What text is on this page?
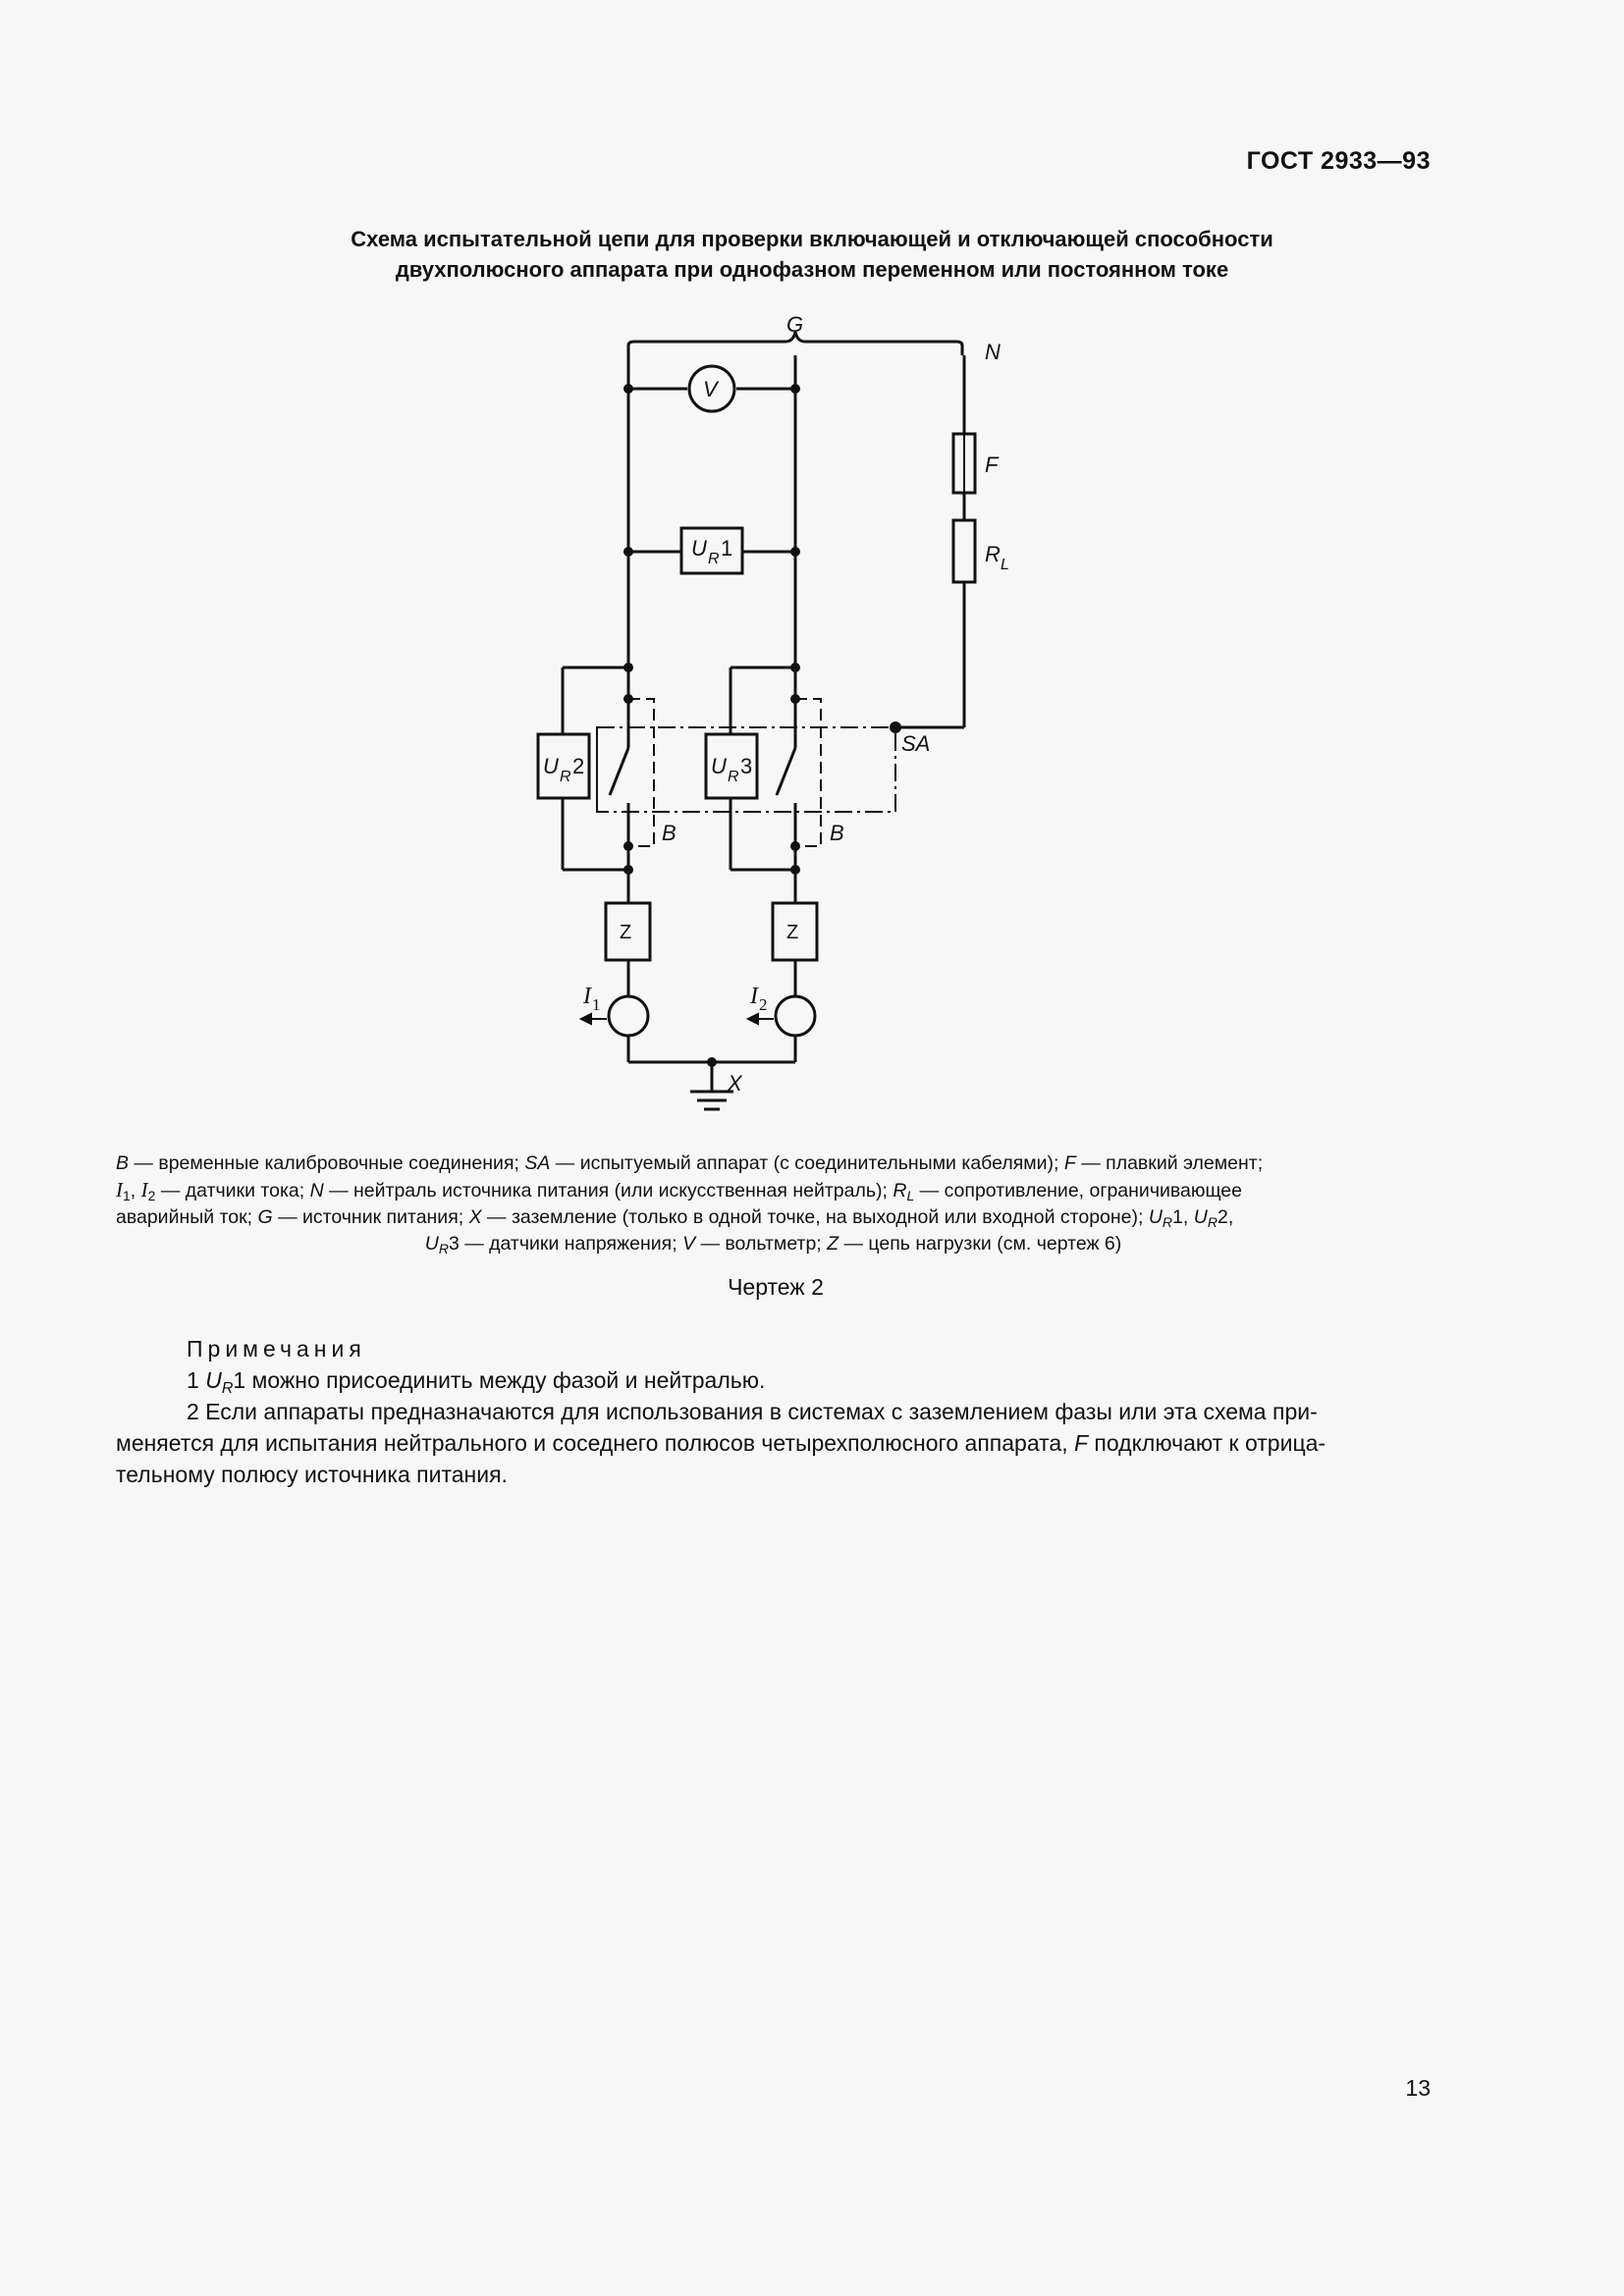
ГОСТ 2933—93
Схема испытательной цепи для проверки включающей и отключающей способности
двухполюсного аппарата при однофазном переменном или постоянном токе
G
N
F
R L
V
U R 1
U R 2	U R 3
SA
B	B
Z	Z
I 1	I 2
X
B — временные калибровочные соединения; SA — испытуемый аппарат (с соединительными кабелями); F — плавкий элемент;
$I_1$, $I_2$ — датчики тока; N — нейтраль источника питания (или искусственная нейтраль); $R_L$ — сопротивление, ограничивающее
аварийный ток; G — источник питания; X — заземление (только в одной точке, на выходной или входной стороне); $U_R1$, $U_R2$,
$U_R3$ — датчики напряжения; V — вольтметр; Z — цепь нагрузки (см. чертеж 6)
Чертеж 2
Примечания
1 $U_R1$ можно присоединить между фазой и нейтралью.
2 Если аппараты предназначаются для использования в системах с заземлением фазы или эта схема при-
меняется для испытания нейтрального и соседнего полюсов четырехполюсного аппарата, F подключают к отрица-
тельному полюсу источника питания.
13
